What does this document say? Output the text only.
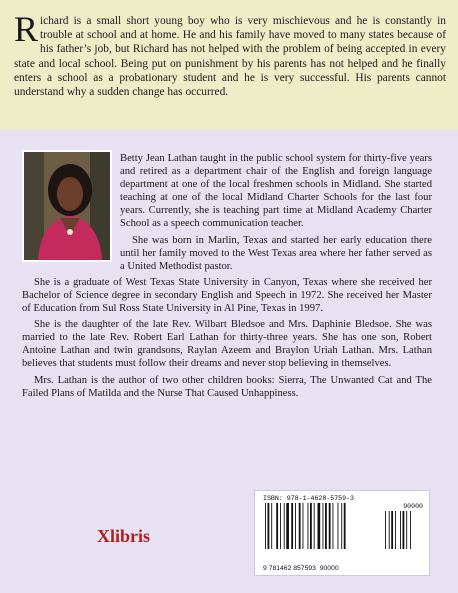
Richard is a small short young boy who is very mischievous and he is constantly in trouble at school and at home. He and his family have moved to many states because of his father’s job, but Richard has not helped with the problem of being accepted in every state and local school. Being put on punishment by his parents has not helped and he finally enters a school as a probationary student and he is very successful. His parents cannot understand why a sudden change has occurred.

Betty Jean Lathan taught in the public school system for thirty-five years and retired as a department chair of the English and foreign language department at one of the local freshmen schools in Midland. She started teaching at one of the local Midland Charter Schools for the last four years. Currently, she is teaching part time at Midland Academy Charter School as a speech communication teacher.

She was born in Marlin, Texas and started her early education there until her family moved to the West Texas area where her father served as a United Methodist pastor.

She is a graduate of West Texas State University in Canyon, Texas where she received her Bachelor of Science degree in secondary English and Speech in 1972. She received her Master of Education from Sul Ross State University in Al Pine, Texas in 1997.

She is the daughter of the late Rev. Wilbart Bledsoe and Mrs. Daphinie Bledsoe. She was married to the late Rev. Robert Earl Lathan for thirty-three years. She has one son, Robert Antoine Lathan and twin grandsons, Raylan Azeem and Braylon Uriah Lathan. Mrs. Lathan believes that students must follow their dreams and never stop believing in themselves.

Mrs. Lathan is the author of two other children books: Sierra, The Unwanted Cat and The Failed Plans of Matilda and the Nurse That Caused Unhappiness.

Xlibris
ISBN: 978-1-4628-5759-3
90000
9 781462 857593 90000
